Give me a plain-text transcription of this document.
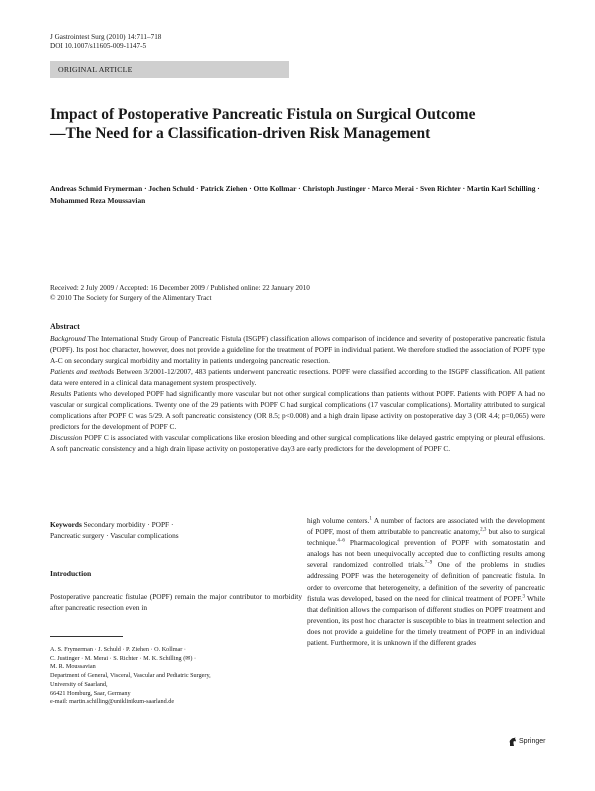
J Gastrointest Surg (2010) 14:711–718
DOI 10.1007/s11605-009-1147-5
ORIGINAL ARTICLE
Impact of Postoperative Pancreatic Fistula on Surgical Outcome—The Need for a Classification-driven Risk Management
Andreas Schmid Frymerman · Jochen Schuld · Patrick Ziehen · Otto Kollmar · Christoph Justinger · Marco Merai · Sven Richter · Martin Karl Schilling · Mohammed Reza Moussavian
Received: 2 July 2009 / Accepted: 16 December 2009 / Published online: 22 January 2010
© 2010 The Society for Surgery of the Alimentary Tract
Abstract

Background The International Study Group of Pancreatic Fistula (ISGPF) classification allows comparison of incidence and severity of postoperative pancreatic fistula (POPF). Its post hoc character, however, does not provide a guideline for the treatment of POPF in individual patient. We therefore studied the association of POPF type A-C on secondary surgical morbidity and mortality in patients undergoing pancreatic resection.

Patients and methods Between 3/2001-12/2007, 483 patients underwent pancreatic resections. POPF were classified according to the ISGPF classification. All patient data were entered in a clinical data management system prospectively.

Results Patients who developed POPF had significantly more vascular but not other surgical complications than patients without POPF. Patients with POPF A had no vascular or surgical complications. Twenty one of the 29 patients with POPF C had surgical complications (17 vascular complications). Mortality attributed to surgical complications after POPF C was 5/29. A soft pancreatic consistency (OR 8.5; p<0.008) and a high drain lipase activity on postoperative day 3 (OR 4.4; p=0,065) were predictors for the development of POPF C.

Discussion POPF C is associated with vascular complications like erosion bleeding and other surgical complications like delayed gastric emptying or pleural effusions. A soft pancreatic consistency and a high drain lipase activity on postoperative day3 are early predictors for the development of POPF C.

Keywords Secondary morbidity · POPF ·
Pancreatic surgery · Vascular complications
Introduction
Postoperative pancreatic fistulae (POPF) remain the major contributor to morbidity after pancreatic resection even in
A. S. Frymerman · J. Schuld · P. Ziehen · O. Kollmar ·
C. Justinger · M. Merai · S. Richter · M. K. Schilling (✉) ·
M. R. Moussavian
Department of General, Visceral, Vascular and Pediatric Surgery,
University of Saarland,
66421 Homburg, Saar, Germany
e-mail: martin.schilling@uniklinikum-saarland.de
high volume centers.$^1$ A number of factors are associated with the development of POPF, most of them attributable to pancreatic anatomy,$^{2,3}$ but also to surgical technique.$^{4-6}$ Pharmacological prevention of POPF with somatostatin and analogs has not been unequivocally accepted due to conflicting results among several randomized controlled trials.$^{7-9}$ One of the problems in studies addressing POPF was the heterogeneity of definition of pancreatic fistula. In order to overcome that heterogeneity, a definition of the severity of pancreatic fistula was developed, based on the need for clinical treatment of POPF.$^3$ While that definition allows the comparison of different studies on POPF treatment and prevention, its post hoc character is susceptible to bias in treatment selection and does not provide a guideline for the timely treatment of POPF in an individual patient. Furthermore, it is unknown if the different grades
Springer
